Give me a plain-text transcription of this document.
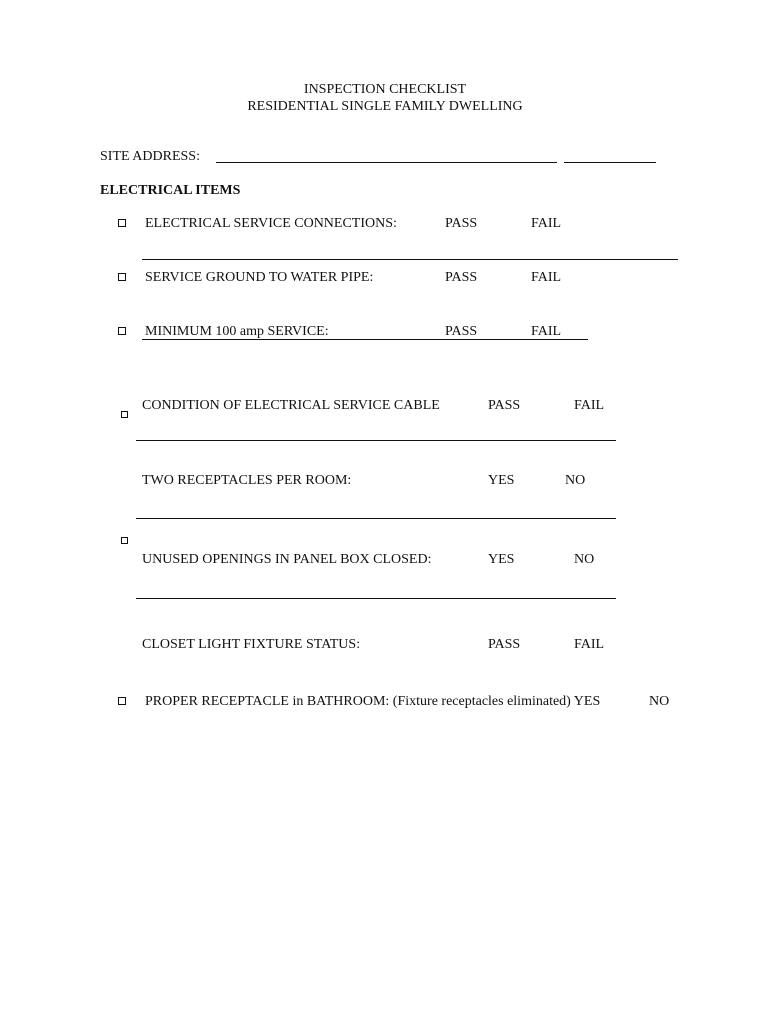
INSPECTION CHECKLIST
RESIDENTIAL SINGLE FAMILY DWELLING
SITE ADDRESS:
ELECTRICAL ITEMS
ELECTRICAL SERVICE CONNECTIONS:	PASS	FAIL
SERVICE GROUND TO WATER PIPE:	PASS	FAIL
MINIMUM 100 amp SERVICE:	PASS	FAIL
CONDITION OF ELECTRICAL SERVICE CABLE	PASS	FAIL
TWO RECEPTACLES PER ROOM:	YES	NO
UNUSED OPENINGS IN PANEL BOX CLOSED:	YES	NO
CLOSET LIGHT FIXTURE STATUS:	PASS	FAIL
PROPER RECEPTACLE in BATHROOM: (Fixture receptacles eliminated) YES	NO
